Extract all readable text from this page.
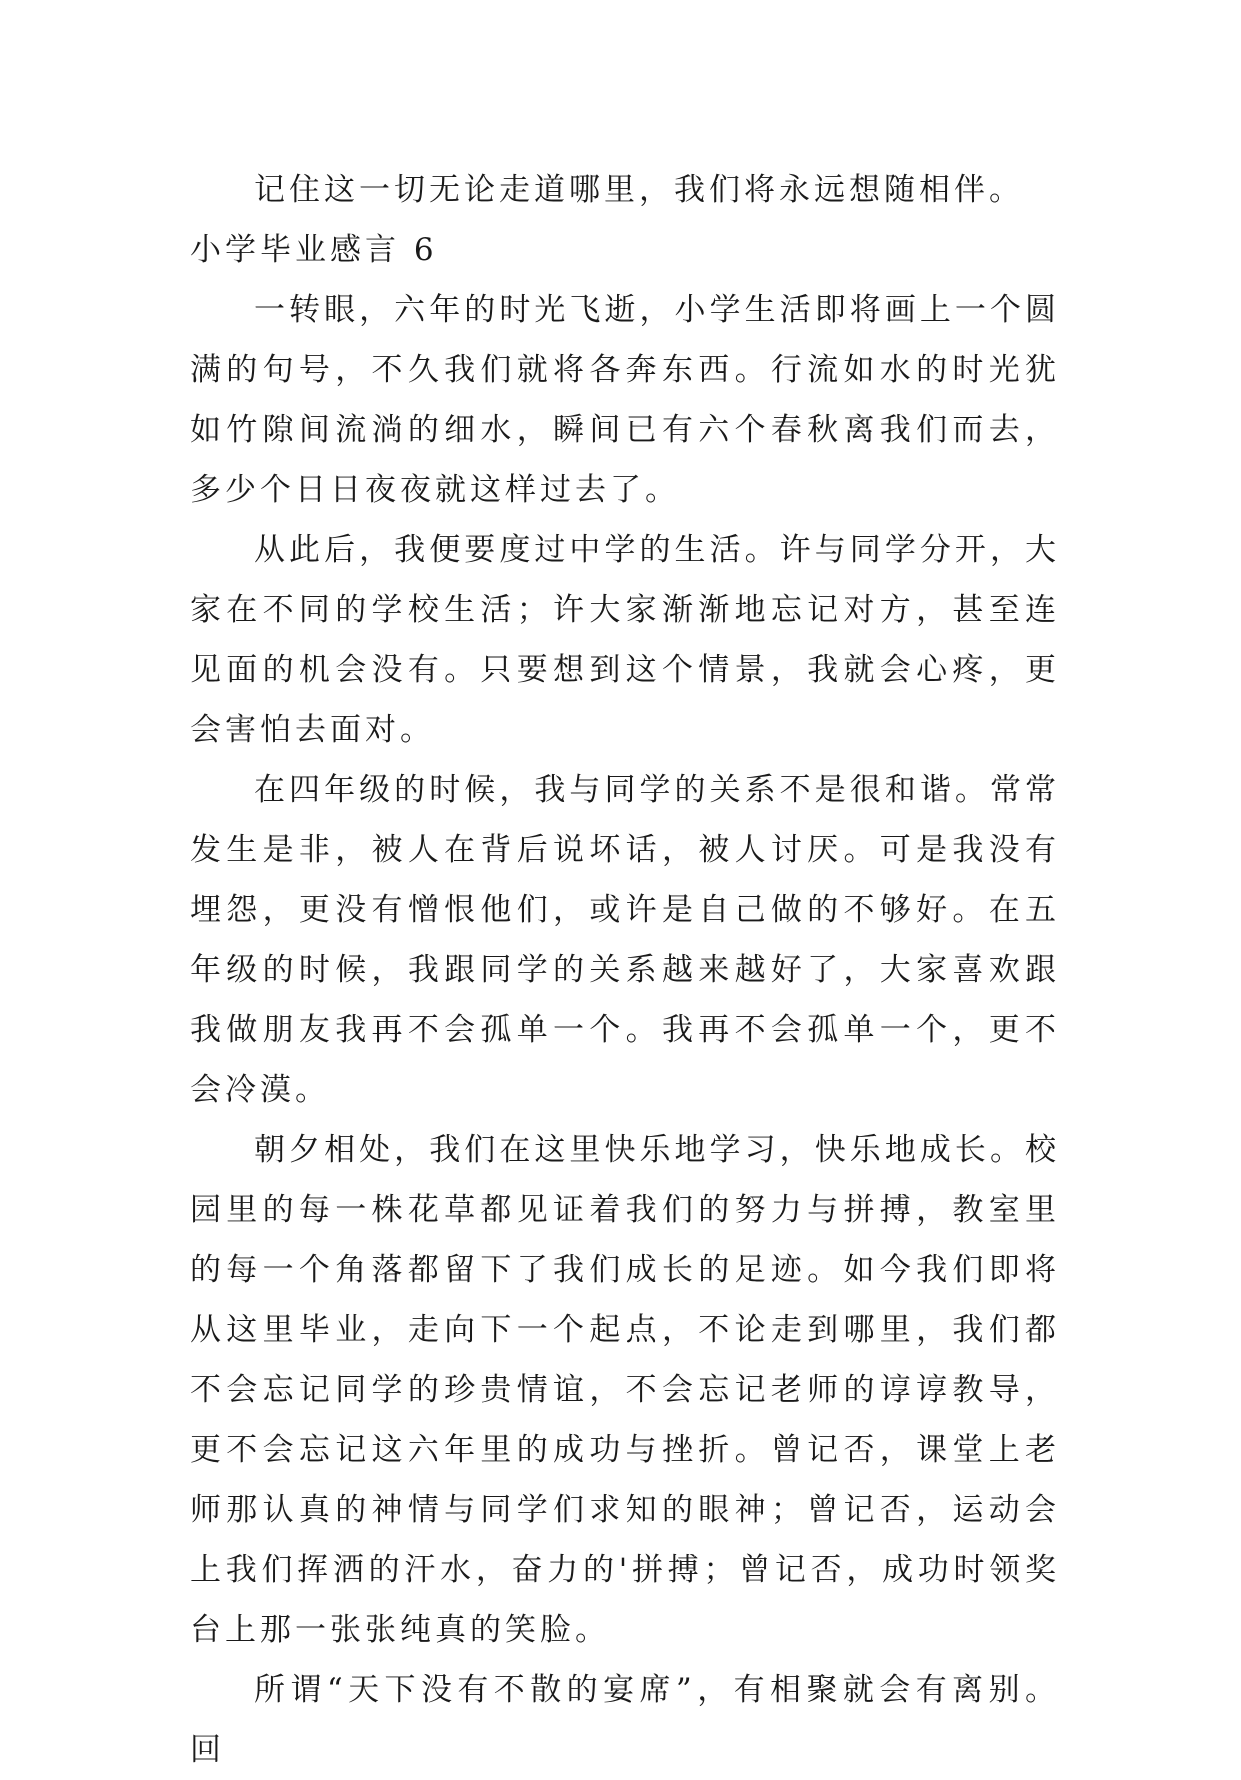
记住这一切无论走道哪里，我们将永远想随相伴。

小学毕业感言 6

一转眼，六年的时光飞逝，小学生活即将画上一个圆满的句号，不久我们就将各奔东西。行流如水的时光犹如竹隙间流淌的细水，瞬间已有六个春秋离我们而去，多少个日日夜夜就这样过去了。

从此后，我便要度过中学的生活。许与同学分开，大家在不同的学校生活；许大家渐渐地忘记对方，甚至连见面的机会没有。只要想到这个情景，我就会心疼，更会害怕去面对。

在四年级的时候，我与同学的关系不是很和谐。常常发生是非，被人在背后说坏话，被人讨厌。可是我没有埋怨，更没有憎恨他们，或许是自己做的不够好。在五年级的时候，我跟同学的关系越来越好了，大家喜欢跟我做朋友我再不会孤单一个。我再不会孤单一个，更不会冷漠。

朝夕相处，我们在这里快乐地学习，快乐地成长。校园里的每一株花草都见证着我们的努力与拼搏，教室里的每一个角落都留下了我们成长的足迹。如今我们即将从这里毕业，走向下一个起点，不论走到哪里，我们都不会忘记同学的珍贵情谊，不会忘记老师的谆谆教导，更不会忘记这六年里的成功与挫折。曾记否，课堂上老师那认真的神情与同学们求知的眼神；曾记否，运动会上我们挥洒的汗水，奋力的'拼搏；曾记否，成功时领奖台上那一张张纯真的笑脸。

所谓“天下没有不散的宴席”，有相聚就会有离别。回
